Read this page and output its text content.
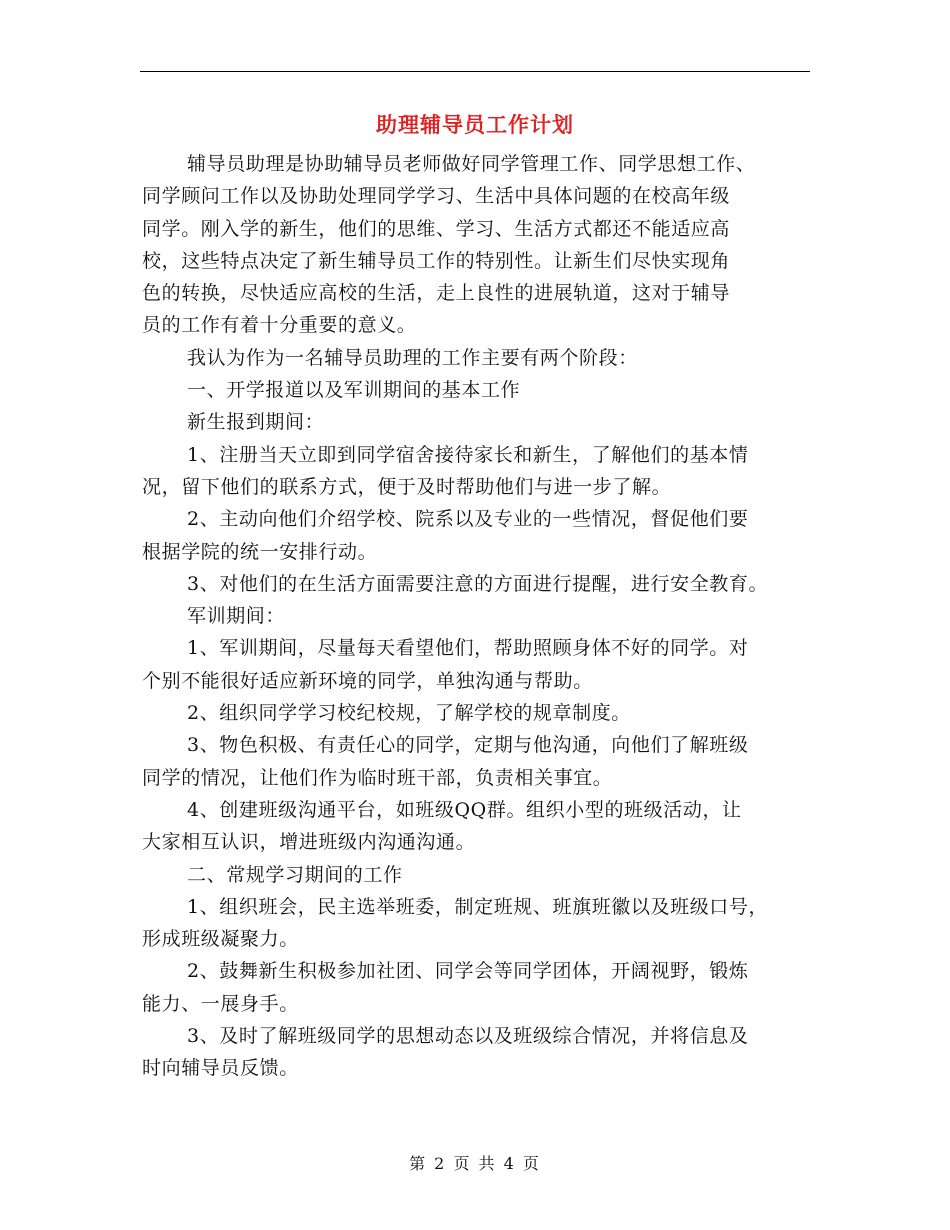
助理辅导员工作计划
辅导员助理是协助辅导员老师做好同学管理工作、同学思想工作、
同学顾问工作以及协助处理同学学习、生活中具体问题的在校高年级
同学。刚入学的新生，他们的思维、学习、生活方式都还不能适应高
校，这些特点决定了新生辅导员工作的特别性。让新生们尽快实现角
色的转换，尽快适应高校的生活，走上良性的进展轨道，这对于辅导
员的工作有着十分重要的意义。
我认为作为一名辅导员助理的工作主要有两个阶段：
一、开学报道以及军训期间的基本工作
新生报到期间：
1、注册当天立即到同学宿舍接待家长和新生，了解他们的基本情
况，留下他们的联系方式，便于及时帮助他们与进一步了解。
2、主动向他们介绍学校、院系以及专业的一些情况，督促他们要
根据学院的统一安排行动。
3、对他们的在生活方面需要注意的方面进行提醒，进行安全教育。
军训期间：
1、军训期间，尽量每天看望他们，帮助照顾身体不好的同学。对
个别不能很好适应新环境的同学，单独沟通与帮助。
2、组织同学学习校纪校规，了解学校的规章制度。
3、物色积极、有责任心的同学，定期与他沟通，向他们了解班级
同学的情况，让他们作为临时班干部，负责相关事宜。
4、创建班级沟通平台，如班级QQ群。组织小型的班级活动，让
大家相互认识，增进班级内沟通沟通。
二、常规学习期间的工作
1、组织班会，民主选举班委，制定班规、班旗班徽以及班级口号，
形成班级凝聚力。
2、鼓舞新生积极参加社团、同学会等同学团体，开阔视野，锻炼
能力、一展身手。
3、及时了解班级同学的思想动态以及班级综合情况，并将信息及
时向辅导员反馈。
第 2 页 共 4 页
